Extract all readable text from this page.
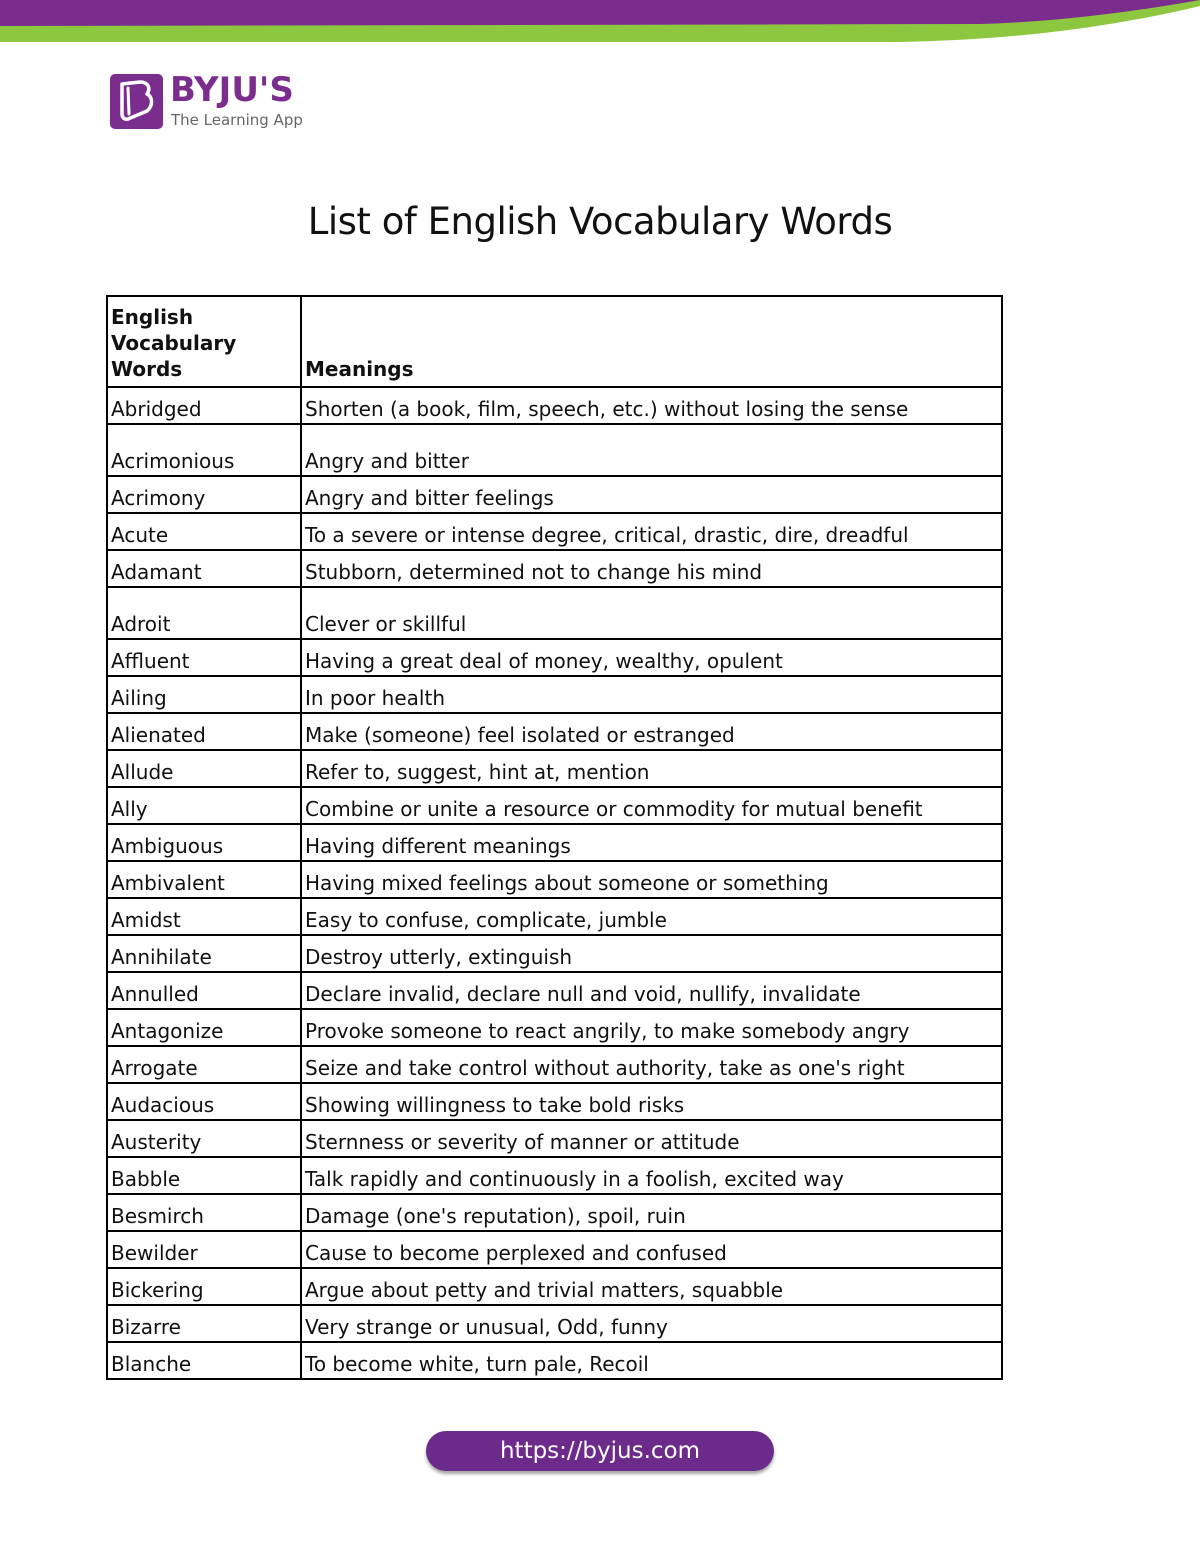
BYJU'S
The Learning App
List of English Vocabulary Words
English Vocabulary Words	Meanings
Abridged	Shorten (a book, film, speech, etc.) without losing the sense
Acrimonious	Angry and bitter
Acrimony	Angry and bitter feelings
Acute	To a severe or intense degree, critical, drastic, dire, dreadful
Adamant	Stubborn, determined not to change his mind
Adroit	Clever or skillful
Affluent	Having a great deal of money, wealthy, opulent
Ailing	In poor health
Alienated	Make (someone) feel isolated or estranged
Allude	Refer to, suggest, hint at, mention
Ally	Combine or unite a resource or commodity for mutual benefit
Ambiguous	Having different meanings
Ambivalent	Having mixed feelings about someone or something
Amidst	Easy to confuse, complicate, jumble
Annihilate	Destroy utterly, extinguish
Annulled	Declare invalid, declare null and void, nullify, invalidate
Antagonize	Provoke someone to react angrily, to make somebody angry
Arrogate	Seize and take control without authority, take as one's right
Audacious	Showing willingness to take bold risks
Austerity	Sternness or severity of manner or attitude
Babble	Talk rapidly and continuously in a foolish, excited way
Besmirch	Damage (one's reputation), spoil, ruin
Bewilder	Cause to become perplexed and confused
Bickering	Argue about petty and trivial matters, squabble
Bizarre	Very strange or unusual, Odd, funny
Blanche	To become white, turn pale, Recoil
https://byjus.com
